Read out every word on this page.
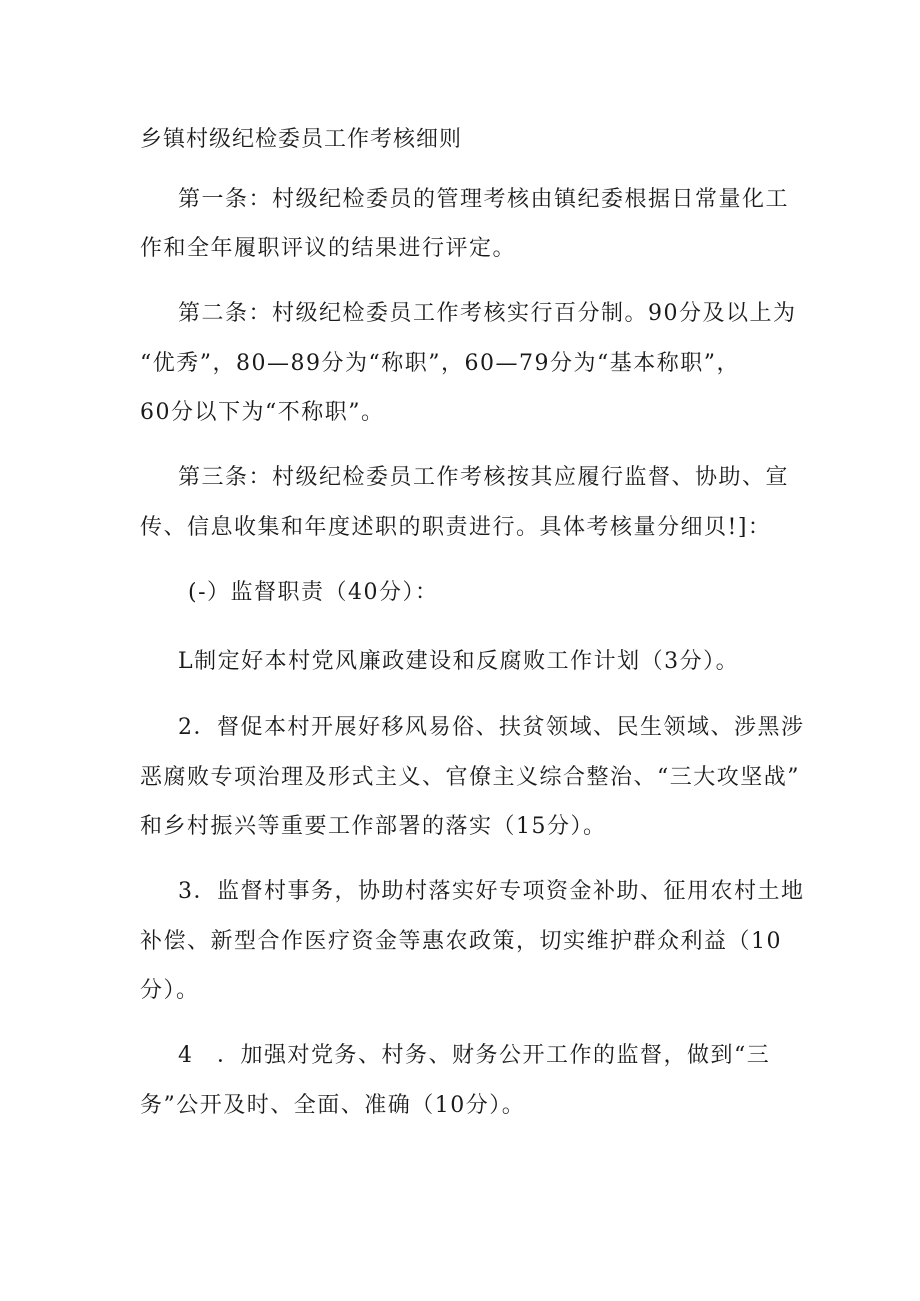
乡镇村级纪检委员工作考核细则
第一条：村级纪检委员的管理考核由镇纪委根据日常量化工
作和全年履职评议的结果进行评定。
第二条：村级纪检委员工作考核实行百分制。90分及以上为
“优秀”，80—89分为“称职”，60—79分为“基本称职”，
60分以下为“不称职”。
第三条：村级纪检委员工作考核按其应履行监督、协助、宣
传、信息收集和年度述职的职责进行。具体考核量分细贝!]：
(-）监督职责（40分）：
L制定好本村党风廉政建设和反腐败工作计划（3分）。
2．督促本村开展好移风易俗、扶贫领域、民生领域、涉黑涉
恶腐败专项治理及形式主义、官僚主义综合整治、“三大攻坚战”
和乡村振兴等重要工作部署的落实（15分）。
3．监督村事务，协助村落实好专项资金补助、征用农村土地
补偿、新型合作医疗资金等惠农政策，切实维护群众利益（10
分）。
4　．加强对党务、村务、财务公开工作的监督，做到“三
务”公开及时、全面、准确（10分）。
